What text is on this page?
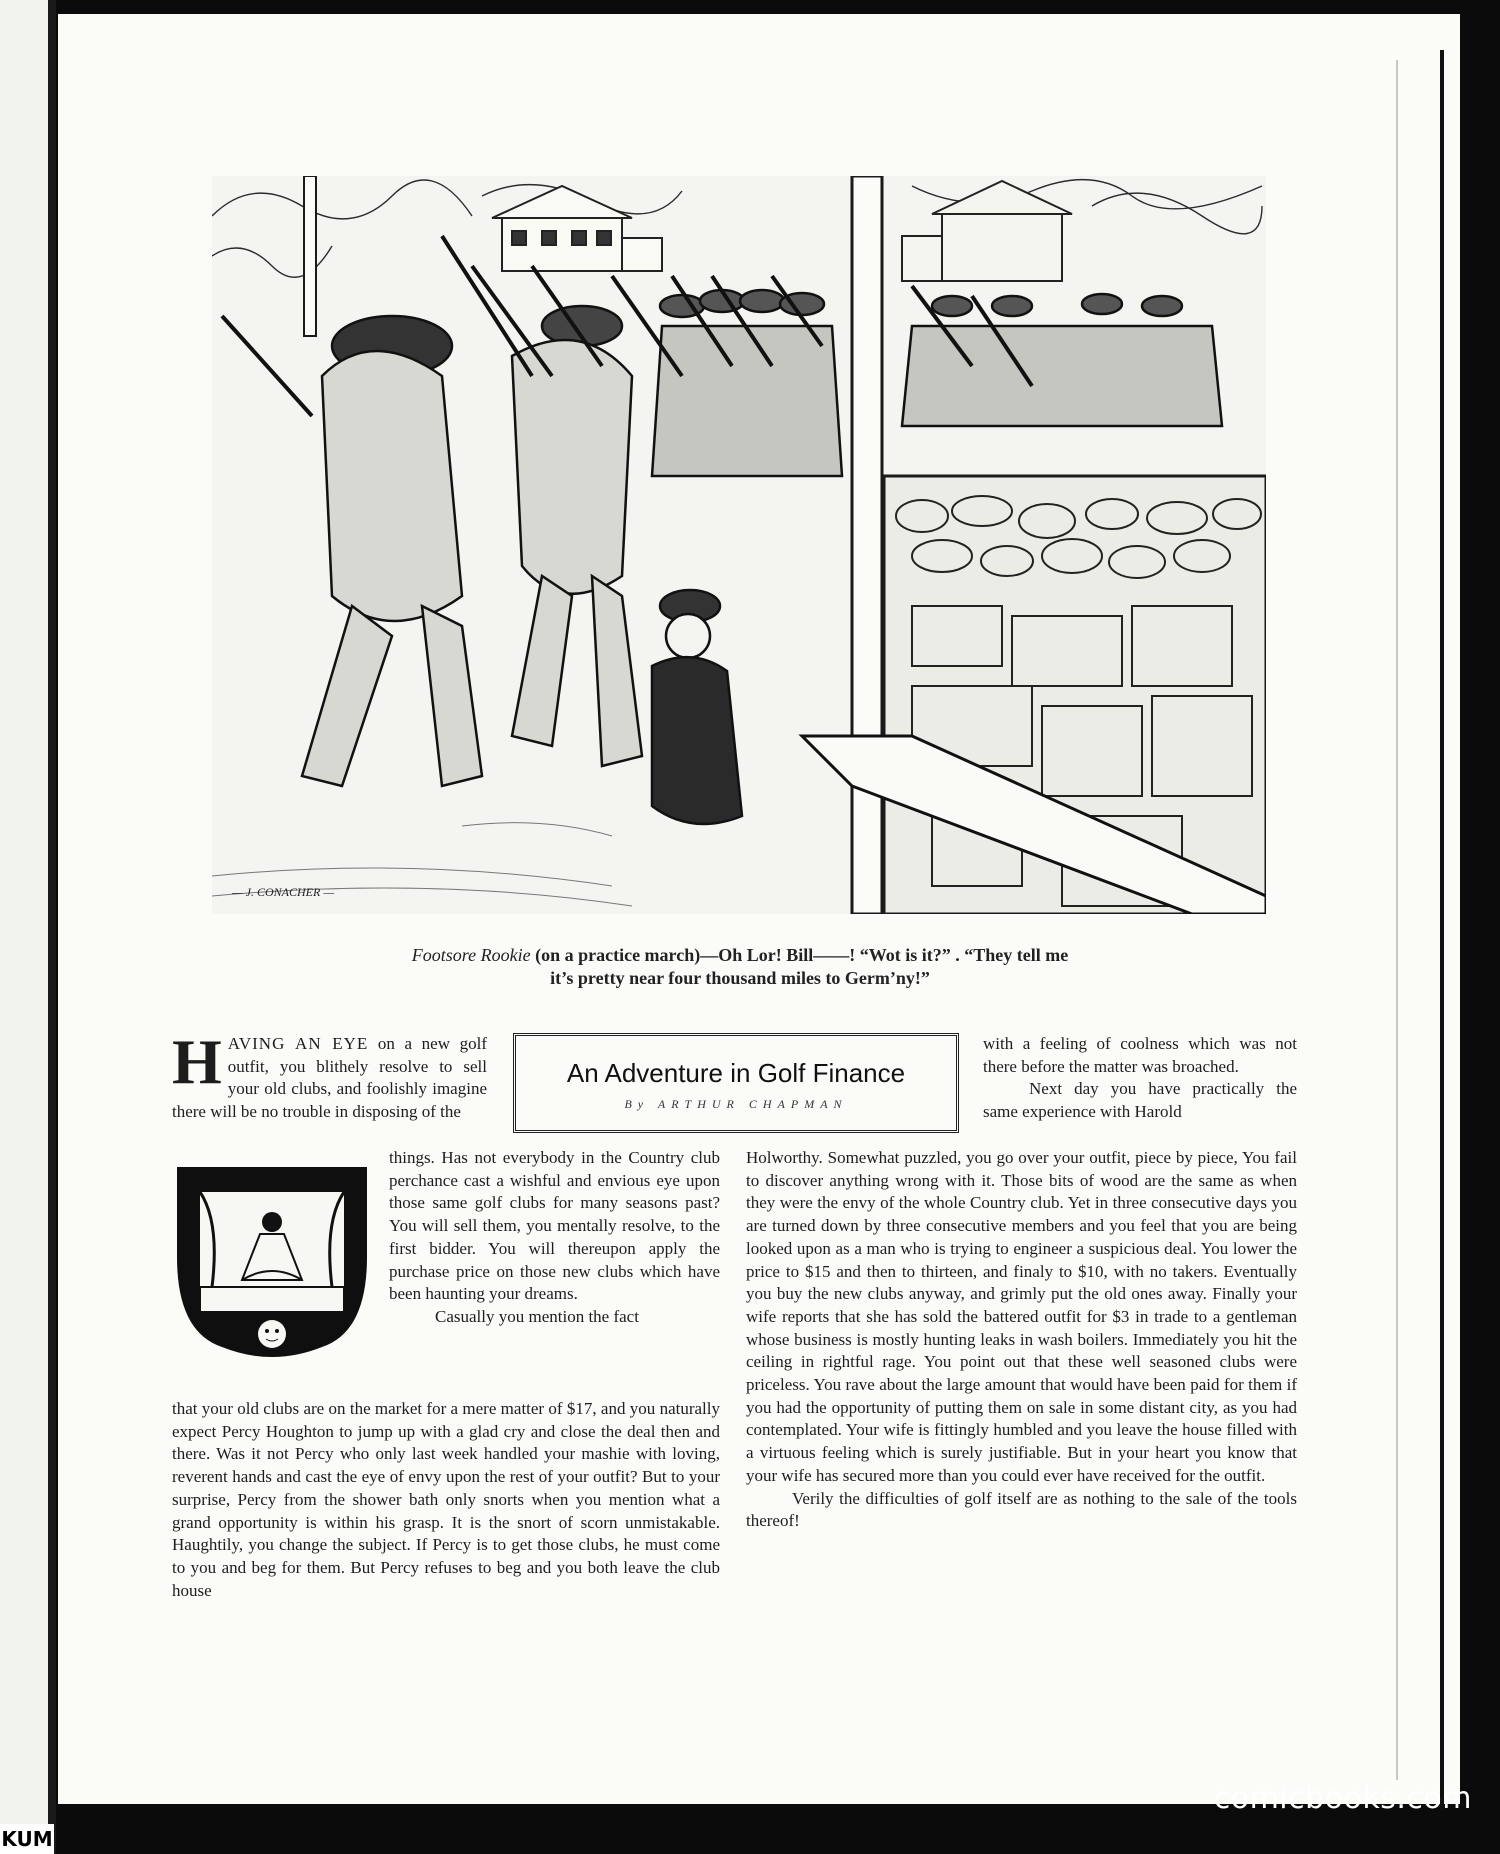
— J. CONACHER —
Footsore Rookie (on a practice march)—Oh Lor! Bill——! “Wot is it?” . “They tell me
it’s pretty near four thousand miles to Germ’ny!”
An Adventure in Golf Finance
By ARTHUR CHAPMAN

HAVING AN EYE on a new golf outfit, you blithely resolve to sell your old clubs, and foolishly imagine there will be no trouble in disposing of the

things. Has not everybody in the Country club perchance cast a wishful and envious eye upon those same golf clubs for many seasons past? You will sell them, you mentally resolve, to the first bidder. You will thereupon apply the purchase price on those new clubs which have been haunting your dreams.

Casually you mention the fact

that your old clubs are on the market for a mere matter of $17, and you naturally expect Percy Houghton to jump up with a glad cry and close the deal then and there. Was it not Percy who only last week handled your mashie with loving, reverent hands and cast the eye of envy upon the rest of your outfit? But to your surprise, Percy from the shower bath only snorts when you mention what a grand opportunity is within his grasp. It is the snort of scorn unmistakable. Haughtily, you change the subject. If Percy is to get those clubs, he must come to you and beg for them. But Percy refuses to beg and you both leave the club house

with a feeling of coolness which was not there before the matter was broached.

Next day you have practically the same experience with Harold

Holworthy. Somewhat puzzled, you go over your outfit, piece by piece, You fail to discover anything wrong with it. Those bits of wood are the same as when they were the envy of the whole Country club. Yet in three consecutive days you are turned down by three consecutive members and you feel that you are being looked upon as a man who is trying to engineer a suspicious deal. You lower the price to $15 and then to thirteen, and finaly to $10, with no takers. Eventually you buy the new clubs anyway, and grimly put the old ones away. Finally your wife reports that she has sold the battered outfit for $3 in trade to a gentleman whose business is mostly hunting leaks in wash boilers. Immediately you hit the ceiling in rightful rage. You point out that these well seasoned clubs were priceless. You rave about the large amount that would have been paid for them if you had the opportunity of putting them on sale in some distant city, as you had contemplated. Your wife is fittingly humbled and you leave the house filled with a virtuous feeling which is surely justifiable. But in your heart you know that your wife has secured more than you could ever have received for the outfit.

Verily the difficulties of golf itself are as nothing to the sale of the tools thereof!

comicbooks.com
KUM
